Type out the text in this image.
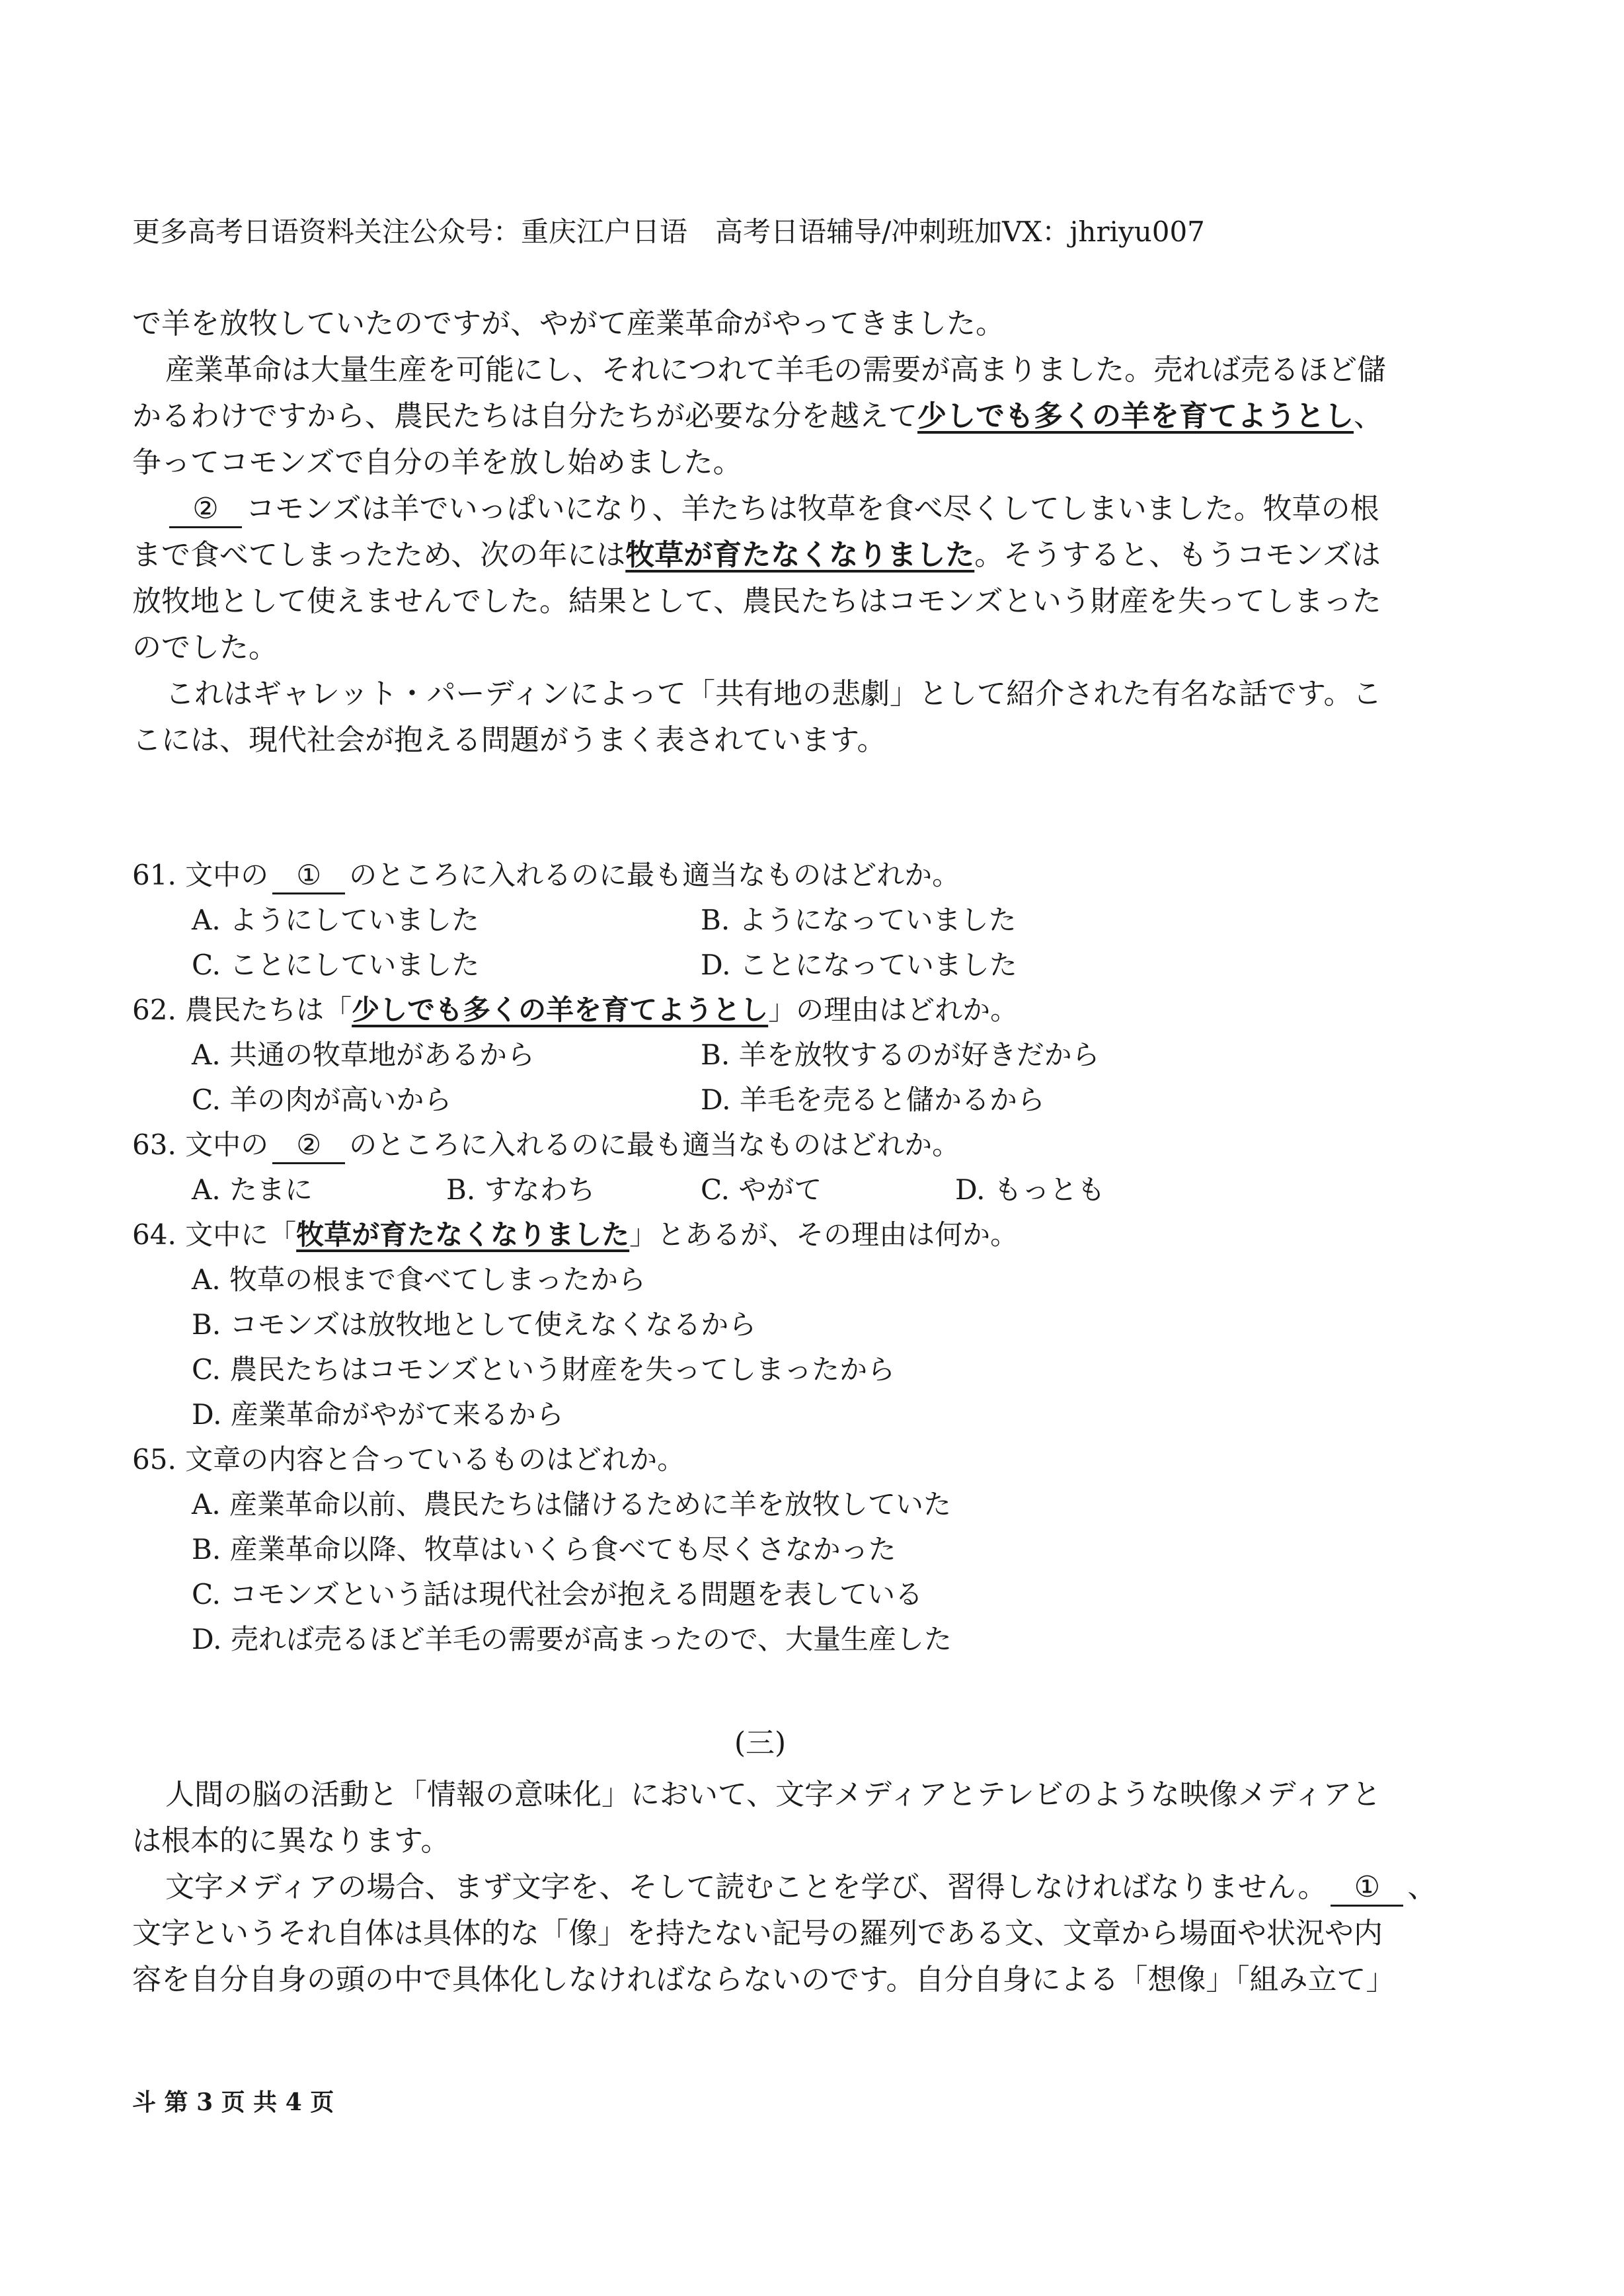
更多高考日语资料关注公众号：重庆江户日语　高考日语辅导/冲刺班加VX：jhriyu007
で羊を放牧していたのですが、やがて産業革命がやってきました。
産業革命は大量生産を可能にし、それにつれて羊毛の需要が高まりました。売れば売るほど儲
かるわけですから、農民たちは自分たちが必要な分を越えて少しでも多くの羊を育てようとし、
争ってコモンズで自分の羊を放し始めました。
② コモンズは羊でいっぱいになり、羊たちは牧草を食べ尽くしてしまいました。牧草の根
まで食べてしまったため、次の年には牧草が育たなくなりました。そうすると、もうコモンズは
放牧地として使えませんでした。結果として、農民たちはコモンズという財産を失ってしまった
のでした。
これはギャレット・パーディンによって「共有地の悲劇」として紹介された有名な話です。こ
こには、現代社会が抱える問題がうまく表されています。
61. 文中の ① のところに入れるのに最も適当なものはどれか。
A. ようにしていました	B. ようになっていました
C. ことにしていました	D. ことになっていました
62. 農民たちは「少しでも多くの羊を育てようとし」の理由はどれか。
A. 共通の牧草地があるから	B. 羊を放牧するのが好きだから
C. 羊の肉が高いから	D. 羊毛を売ると儲かるから
63. 文中の ② のところに入れるのに最も適当なものはどれか。
A. たまに	B. すなわち	C. やがて	D. もっとも
64. 文中に「牧草が育たなくなりました」とあるが、その理由は何か。
A. 牧草の根まで食べてしまったから
B. コモンズは放牧地として使えなくなるから
C. 農民たちはコモンズという財産を失ってしまったから
D. 産業革命がやがて来るから
65. 文章の内容と合っているものはどれか。
A. 産業革命以前、農民たちは儲けるために羊を放牧していた
B. 産業革命以降、牧草はいくら食べても尽くさなかった
C. コモンズという話は現代社会が抱える問題を表している
D. 売れば売るほど羊毛の需要が高まったので、大量生産した
(三)
人間の脳の活動と「情報の意味化」において、文字メディアとテレビのような映像メディアと
は根本的に異なります。
文字メディアの場合、まず文字を、そして読むことを学び、習得しなければなりません。 ① 、
文字というそれ自体は具体的な「像」を持たない記号の羅列である文、文章から場面や状況や内
容を自分自身の頭の中で具体化しなければならないのです。自分自身による「想像」「組み立て」
斗 第 3 页 共 4 页
